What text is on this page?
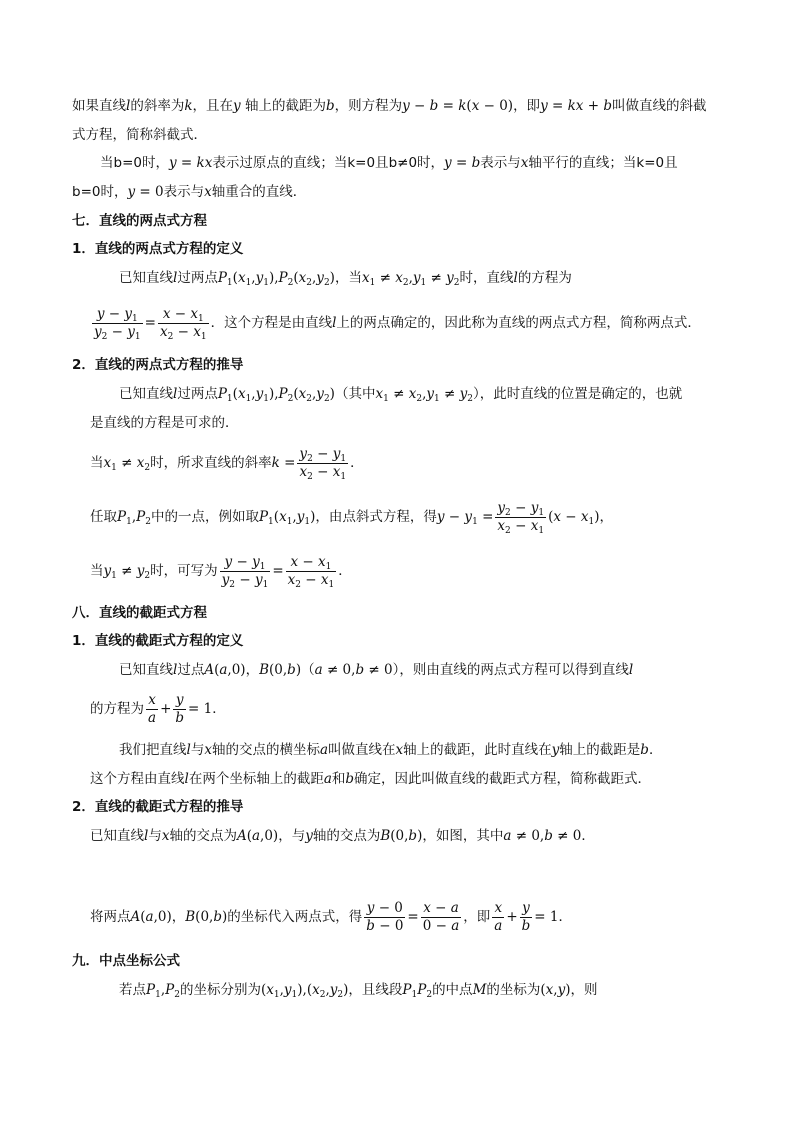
如果直线l的斜率为k，且在y 轴上的截距为b，则方程为y − b = k(x − 0)，即y = kx + b叫做直线的斜截
式方程，简称斜截式．
当b=0时，y = kx表示过原点的直线；当k=0且b≠0时，y = b表示与x轴平行的直线；当k=0且
b=0时，y = 0表示与x轴重合的直线．
七．直线的两点式方程
1．直线的两点式方程的定义
已知直线l过两点$P_1(x_1,y_1),P_2(x_2,y_2)$，当$x_1 \ne x_2,y_1 \ne y_2$时，直线l的方程为
$\frac{y - y_1}{y_2 - y_1} = \frac{x - x_1}{x_2 - x_1}$ ．这个方程是由直线l上的两点确定的，因此称为直线的两点式方程，简称两点式．
2．直线的两点式方程的推导
已知直线l过两点$P_1(x_1,y_1),P_2(x_2,y_2)$（其中$x_1 \ne x_2,y_1 \ne y_2$），此时直线的位置是确定的，也就
是直线的方程是可求的．
当$x_1 \ne x_2$时，所求直线的斜率$k = \frac{y_2 - y_1}{x_2 - x_1}$ ．
任取$P_1,P_2$中的一点，例如取$P_1(x_1,y_1)$，由点斜式方程，得$y - y_1 = \frac{y_2 - y_1}{x_2 - x_1} (x - x_1)$，
当$y_1 \ne y_2$时，可写为 $\frac{y - y_1}{y_2 - y_1} = \frac{x - x_1}{x_2 - x_1}$ ．
八．直线的截距式方程
1．直线的截距式方程的定义
已知直线l过点A(a,0)，B(0,b)（a ≠ 0,b ≠ 0），则由直线的两点式方程可以得到直线l
的方程为 $\frac{x}{a} + \frac{y}{b} = 1$．
我们把直线l与x轴的交点的横坐标a叫做直线在x轴上的截距，此时直线在y轴上的截距是b．
这个方程由直线l在两个坐标轴上的截距a和b确定，因此叫做直线的截距式方程，简称截距式．
2．直线的截距式方程的推导
已知直线l与x轴的交点为A(a,0)，与y轴的交点为B(0,b)，如图，其中a ≠ 0,b ≠ 0．
将两点A(a,0)，B(0,b)的坐标代入两点式，得 $\frac{y - 0}{b - 0} = \frac{x - a}{0 - a}$ ，即 $\frac{x}{a} + \frac{y}{b} = 1$．
九．中点坐标公式
若点$P_1,P_2$的坐标分别为$(x_1,y_1),(x_2,y_2)$，且线段$P_1P_2$的中点M的坐标为(x,y)，则
